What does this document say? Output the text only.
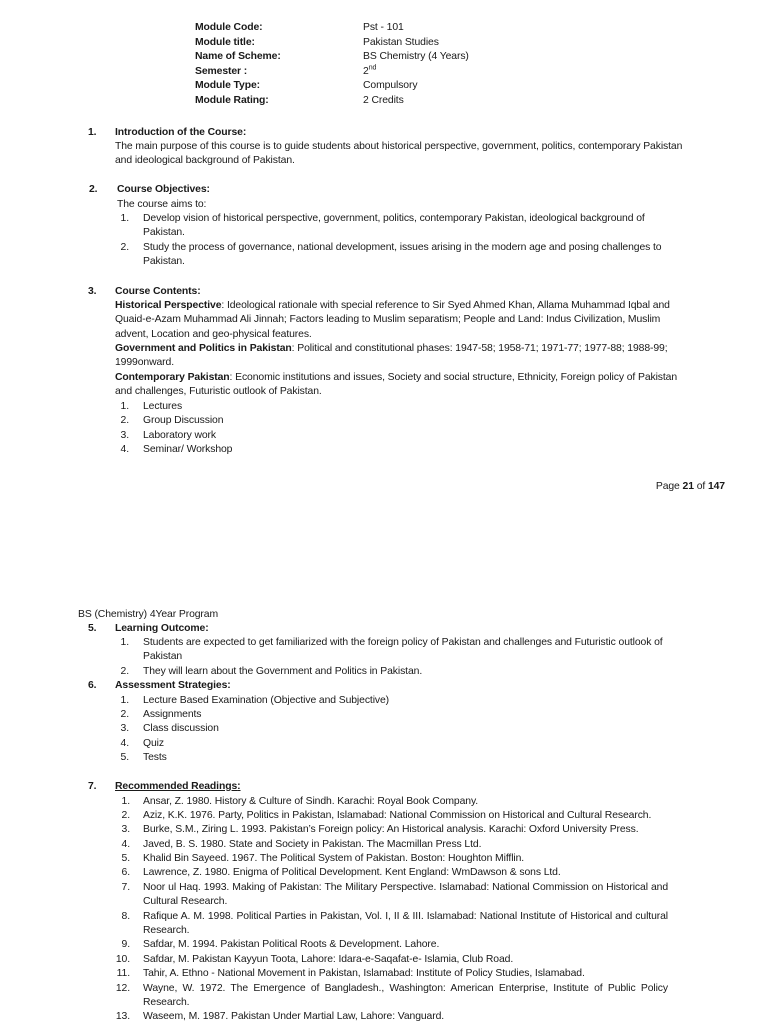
Module Code:	Pst - 101
Module title:	Pakistan Studies
Name of Scheme:	BS Chemistry (4 Years)
Semester :	2nd
Module Type:	Compulsory
Module Rating:	2 Credits
1. Introduction of the Course:
The main purpose of this course is to guide students about historical perspective, government, politics, contemporary Pakistan and ideological background of Pakistan.
2. Course Objectives:
The course aims to:
1. Develop vision of historical perspective, government, politics, contemporary Pakistan, ideological background of Pakistan.
2. Study the process of governance, national development, issues arising in the modern age and posing challenges to Pakistan.
3. Course Contents:
Historical Perspective: Ideological rationale with special reference to Sir Syed Ahmed Khan, Allama Muhammad Iqbal and Quaid-e-Azam Muhammad Ali Jinnah; Factors leading to Muslim separatism; People and Land: Indus Civilization, Muslim advent, Location and geo-physical features.
Government and Politics in Pakistan: Political and constitutional phases: 1947-58; 1958-71; 1971-77; 1977-88; 1988-99; 1999onward.
Contemporary Pakistan: Economic institutions and issues, Society and social structure, Ethnicity, Foreign policy of Pakistan and challenges, Futuristic outlook of Pakistan.
1. Lectures
2. Group Discussion
3. Laboratory work
4. Seminar/ Workshop
Page 21 of 147
BS (Chemistry) 4Year Program
5. Learning Outcome:
1. Students are expected to get familiarized with the foreign policy of Pakistan and challenges and Futuristic outlook of Pakistan
2. They will learn about the Government and Politics in Pakistan.
6. Assessment Strategies:
1. Lecture Based Examination (Objective and Subjective)
2. Assignments
3. Class discussion
4. Quiz
5. Tests
7. Recommended Readings:
1. Ansar, Z. 1980. History & Culture of Sindh. Karachi: Royal Book Company.
2. Aziz, K.K. 1976. Party, Politics in Pakistan, Islamabad: National Commission on Historical and Cultural Research.
3. Burke, S.M., Ziring L. 1993. Pakistan’s Foreign policy: An Historical analysis. Karachi: Oxford University Press.
4. Javed, B. S. 1980. State and Society in Pakistan. The Macmillan Press Ltd.
5. Khalid Bin Sayeed. 1967. The Political System of Pakistan. Boston: Houghton Mifflin.
6. Lawrence, Z. 1980. Enigma of Political Development. Kent England: WmDawson & sons Ltd.
7. Noor ul Haq. 1993. Making of Pakistan: The Military Perspective. Islamabad: National Commission on Historical and Cultural Research.
8. Rafique A. M. 1998. Political Parties in Pakistan, Vol. I, II & III. Islamabad: National Institute of Historical and cultural Research.
9. Safdar, M. 1994. Pakistan Political Roots & Development. Lahore.
10. Safdar, M. Pakistan Kayyun Toota, Lahore: Idara-e-Saqafat-e- Islamia, Club Road.
11. Tahir, A. Ethno - National Movement in Pakistan, Islamabad: Institute of Policy Studies, Islamabad.
12. Wayne, W. 1972. The Emergence of Bangladesh., Washington: American Enterprise, Institute of Public Policy Research.
13. Waseem, M. 1987. Pakistan Under Martial Law, Lahore: Vanguard.
